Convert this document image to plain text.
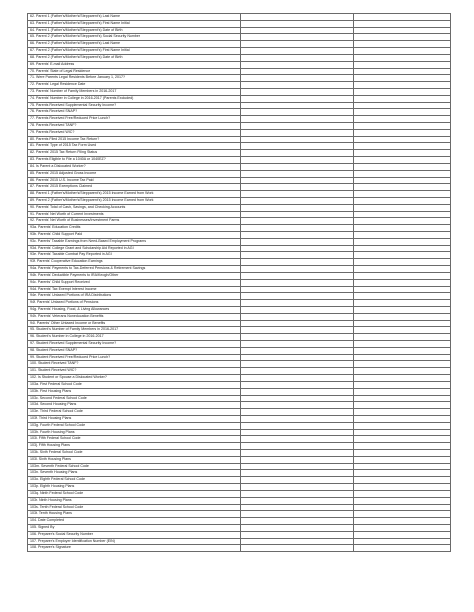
62. Parent 1 (Father's/Mother's/Stepparent's) Last Name		
63. Parent 1 (Father's/Mother's/Stepparent's) First Name Initial		
64. Parent 1 (Father's/Mother's/Stepparent's) Date of Birth		
65. Parent 2 (Father's/Mother's/Stepparent's) Social Security Number		
66. Parent 2 (Father's/Mother's/Stepparent's) Last Name		
67. Parent 2 (Father's/Mother's/Stepparent's) First Name Initial		
68. Parent 2 (Father's/Mother's/Stepparent's) Date of Birth		
69. Parents' E-mail Address		
70. Parents' State of Legal Residence		
71. Were Parents Legal Residents Before January 1, 2017?		
72. Parents' Legal Residence Date		
73. Parents' Number of Family Members in 2016-2017		
74. Parents' Number in College in 2016-2017 (Parents Excluded)		
75. Parents Received Supplemental Security Income?		
76. Parents Received SNAP?		
77. Parents Received Free/Reduced Price Lunch?		
78. Parents Received TANF?		
79. Parents Received WIC?		
80. Parents Filed 2015 Income Tax Return?		
81. Parents' Type of 2015 Tax Form Used		
82. Parents' 2015 Tax Return Filing Status		
83. Parents Eligible to File a 1040A or 1040EZ?		
84. Is Parent a Dislocated Worker?		
85. Parents' 2015 Adjusted Gross Income		
86. Parents' 2015 U.S. Income Tax Paid		
87. Parents' 2015 Exemptions Claimed		
88. Parent 1 (Father's/Mother's/Stepparent's) 2015 Income Earned from Work		
89. Parent 2 (Father's/Mother's/Stepparent's) 2015 Income Earned from Work		
90. Parents' Total of Cash, Savings, and Checking Accounts		
91. Parents' Net Worth of Current Investments		
92. Parents' Net Worth of Businesses/Investment Farms		
93a. Parents' Education Credits		
93b. Parents' Child Support Paid		
93c. Parents' Taxable Earnings from Need-Based Employment Programs		
93d. Parents' College Grant and Scholarship Aid Reported in AGI		
93e. Parents' Taxable Combat Pay Reported in AGI		
93f. Parents' Cooperative Education Earnings		
94a. Parents' Payments to Tax-Deferred Pensions & Retirement Savings		
94b. Parents' Deductible Payments to IRA/Keogh/Other		
94c. Parents' Child Support Received		
94d. Parents' Tax Exempt Interest Income		
94e. Parents' Untaxed Portions of IRA Distributions		
94f. Parents' Untaxed Portions of Pensions		
94g. Parents' Housing, Food, & Living Allowances		
94h. Parents' Veterans Noneducation Benefits		
94i. Parents' Other Untaxed Income or Benefits		
95. Student's Number of Family Members in 2016-2017		
96. Student's Number in College in 2016-2017		
97. Student Received Supplemental Security Income?		
98. Student Received SNAP?		
99. Student Received Free/Reduced Price Lunch?		
100. Student Received TANF?		
101. Student Received WIC?		
102. Is Student or Spouse a Dislocated Worker?		
103a. First Federal School Code		
103b. First Housing Plans		
103c. Second Federal School Code		
103d. Second Housing Plans		
103e. Third Federal School Code		
103f. Third Housing Plans		
103g. Fourth Federal School Code		
103h. Fourth Housing Plans		
103i. Fifth Federal School Code		
103j. Fifth Housing Plans		
103k. Sixth Federal School Code		
103l. Sixth Housing Plans		
103m. Seventh Federal School Code		
103n. Seventh Housing Plans		
103o. Eighth Federal School Code		
103p. Eighth Housing Plans		
103q. Ninth Federal School Code		
103r. Ninth Housing Plans		
103s. Tenth Federal School Code		
103t. Tenth Housing Plans		
104. Date Completed		
105. Signed By		
106. Preparer's Social Security Number		
107. Preparer's Employer Identification Number (EIN)		
108. Preparer's Signature		
